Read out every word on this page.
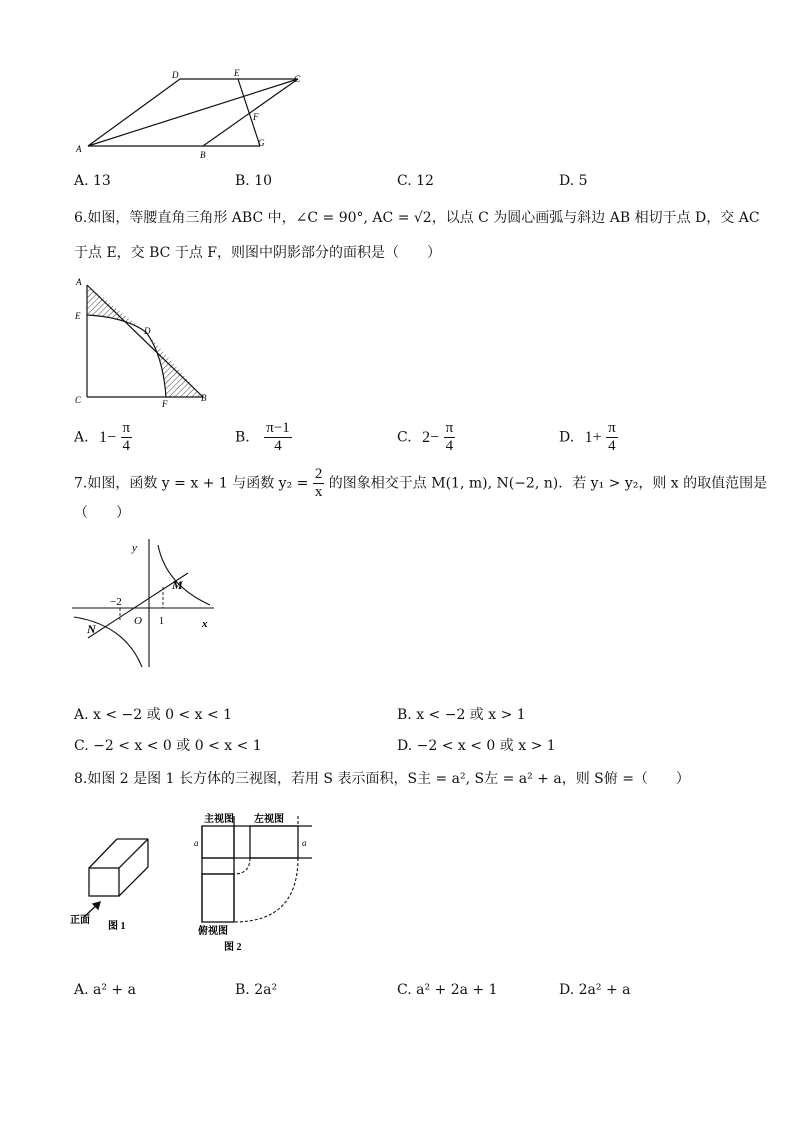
A
D	E
C
F
B
G
A. 13	B. 10	C. 12	D. 5
6.如图，等腰直角三角形 ABC 中，∠C = 90°, AC = √2，以点 C 为圆心画弧与斜边 AB 相切于点 D，交 AC
于点 E，交 BC 于点 F，则图中阴影部分的面积是（　　）
A
E
D
C	F
B
A. $1- \frac{\pi}{4}$	B. $\frac{\pi-1}{4}$	C. $2- \frac{\pi}{4}$	D. $1+ \frac{\pi}{4}$
7.如图，函数 y = x + 1 与函数 $y_2 = \frac{2}{x}$ 的图象相交于点 M(1, m), N(−2, n)．若 y₁ > y₂，则 x 的取值范围是
（　　）
y
x
M
N
O
−2
1
A. x < −2 或 0 < x < 1	B. x < −2 或 x > 1
C. −2 < x < 0 或 0 < x < 1	D. −2 < x < 0 或 x > 1
8.如图 2 是图 1 长方体的三视图，若用 S 表示面积，S主 = a², S左 = a² + a，则 S俯 =（　　）
正面
图 1
主视图 左视图
a	a
俯视图
图 2
A. a² + a	B. 2a²	C. a² + 2a + 1	D. 2a² + a
